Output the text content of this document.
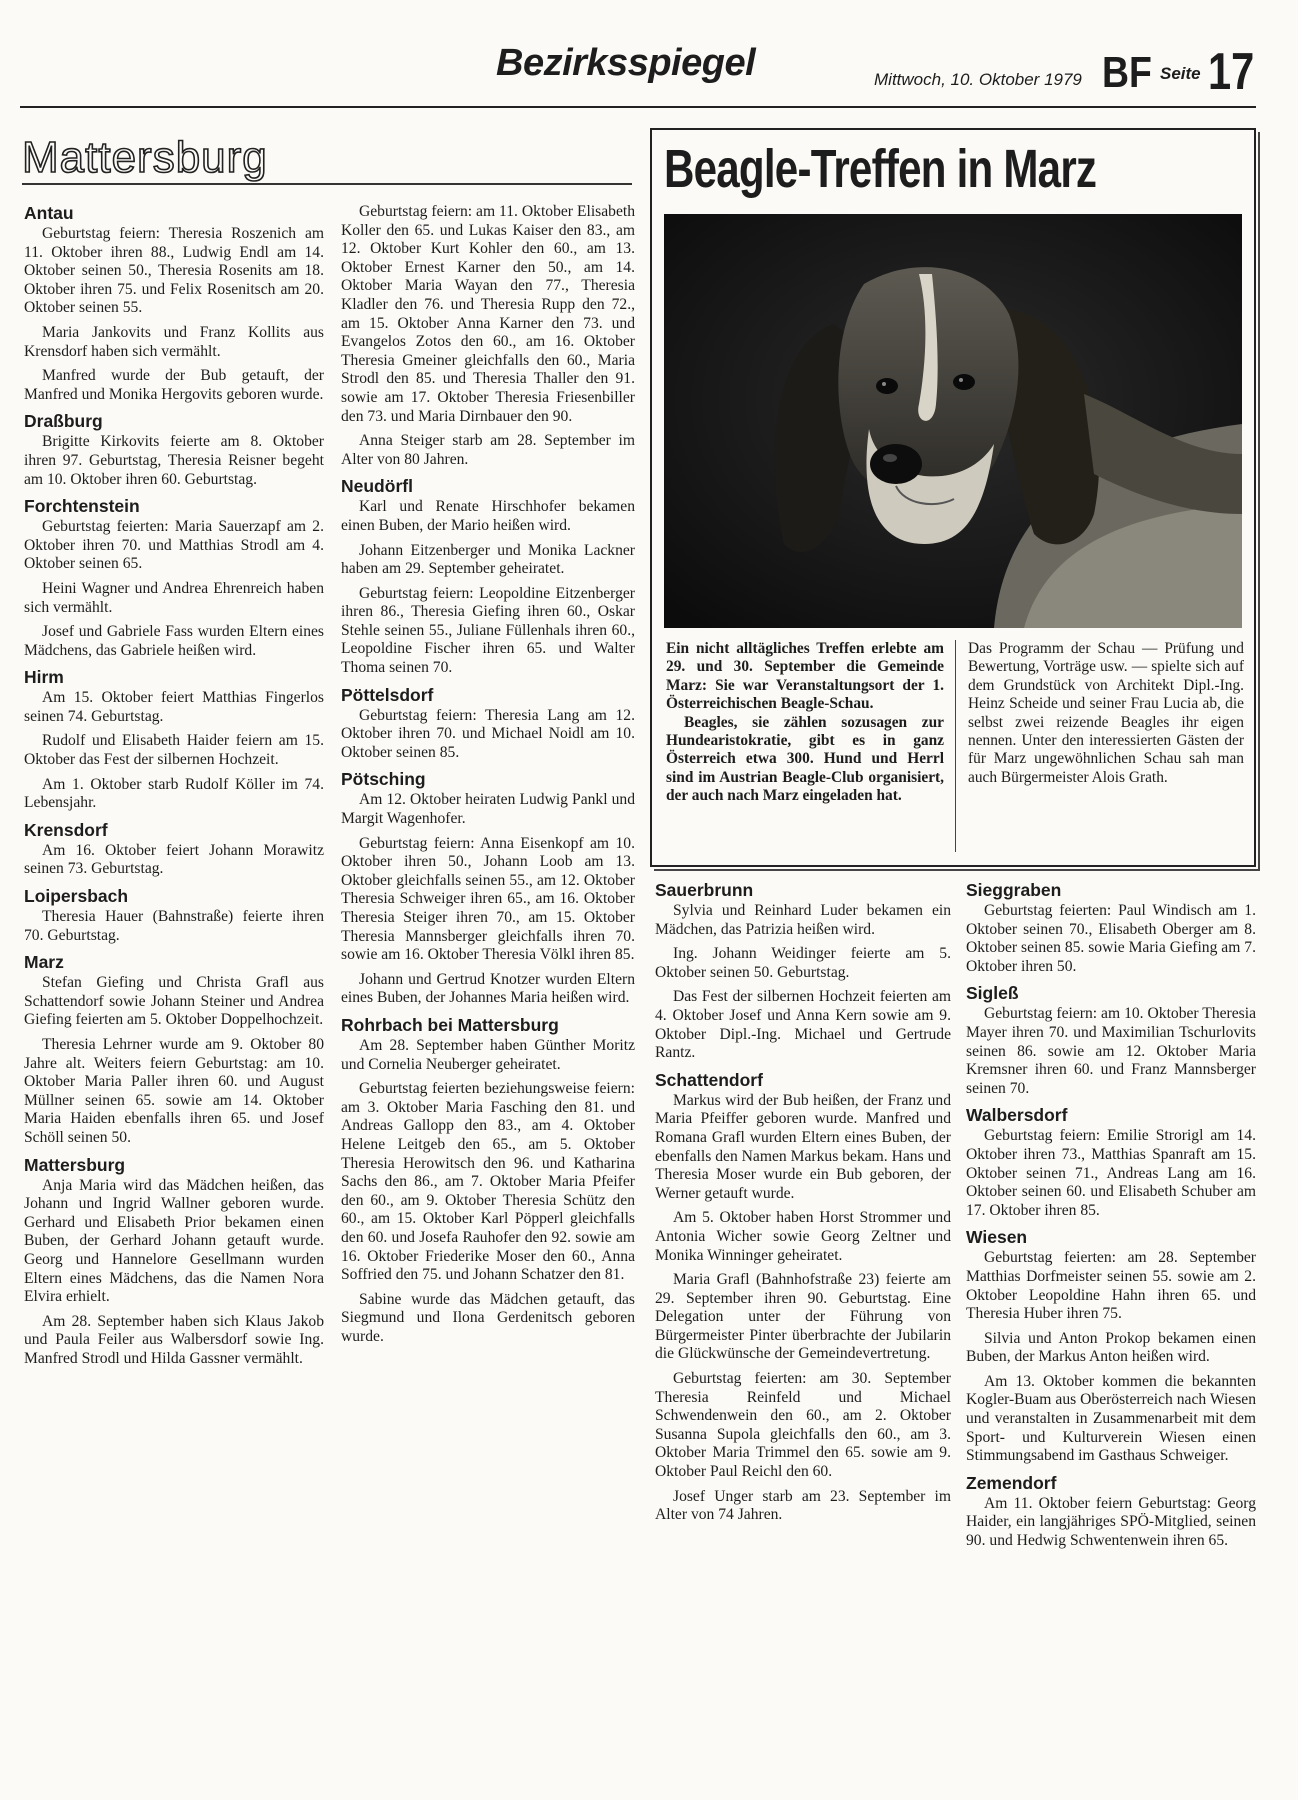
Bezirksspiegel	Mittwoch, 10. Oktober 1979 BF Seite 17
Mattersburg
Antau

Geburtstag feiern: Theresia Roszenich am 11. Oktober ihren 88., Ludwig Endl am 14. Oktober seinen 50., Theresia Rosenits am 18. Oktober ihren 75. und Felix Rosenitsch am 20. Oktober seinen 55.

Maria Jankovits und Franz Kollits aus Krensdorf haben sich vermählt.

Manfred wurde der Bub getauft, der Manfred und Monika Hergovits geboren wurde.

Draßburg

Brigitte Kirkovits feierte am 8. Oktober ihren 97. Geburtstag, Theresia Reisner begeht am 10. Oktober ihren 60. Geburtstag.

Forchtenstein

Geburtstag feierten: Maria Sauerzapf am 2. Oktober ihren 70. und Matthias Strodl am 4. Oktober seinen 65.

Heini Wagner und Andrea Ehrenreich haben sich vermählt.

Josef und Gabriele Fass wurden Eltern eines Mädchens, das Gabriele heißen wird.

Hirm

Am 15. Oktober feiert Matthias Fingerlos seinen 74. Geburtstag.

Rudolf und Elisabeth Haider feiern am 15. Oktober das Fest der silbernen Hochzeit.

Am 1. Oktober starb Rudolf Köller im 74. Lebensjahr.

Krensdorf

Am 16. Oktober feiert Johann Morawitz seinen 73. Geburtstag.

Loipersbach

Theresia Hauer (Bahnstraße) feierte ihren 70. Geburtstag.

Marz

Stefan Giefing und Christa Grafl aus Schattendorf sowie Johann Steiner und Andrea Giefing feierten am 5. Oktober Doppelhochzeit.

Theresia Lehrner wurde am 9. Oktober 80 Jahre alt. Weiters feiern Geburtstag: am 10. Oktober Maria Paller ihren 60. und August Müllner seinen 65. sowie am 14. Oktober Maria Haiden ebenfalls ihren 65. und Josef Schöll seinen 50.

Mattersburg

Anja Maria wird das Mädchen heißen, das Johann und Ingrid Wallner geboren wurde. Gerhard und Elisabeth Prior bekamen einen Buben, der Gerhard Johann getauft wurde. Georg und Hannelore Gesellmann wurden Eltern eines Mädchens, das die Namen Nora Elvira erhielt.

Am 28. September haben sich Klaus Jakob und Paula Feiler aus Walbersdorf sowie Ing. Manfred Strodl und Hilda Gassner vermählt.

Geburtstag feiern: am 11. Oktober Elisabeth Koller den 65. und Lukas Kaiser den 83., am 12. Oktober Kurt Kohler den 60., am 13. Oktober Ernest Karner den 50., am 14. Oktober Maria Wayan den 77., Theresia Kladler den 76. und Theresia Rupp den 72., am 15. Oktober Anna Karner den 73. und Evangelos Zotos den 60., am 16. Oktober Theresia Gmeiner gleichfalls den 60., Maria Strodl den 85. und Theresia Thaller den 91. sowie am 17. Oktober Theresia Friesenbiller den 73. und Maria Dirnbauer den 90.

Anna Steiger starb am 28. September im Alter von 80 Jahren.

Neudörfl

Karl und Renate Hirschhofer bekamen einen Buben, der Mario heißen wird.

Johann Eitzenberger und Monika Lackner haben am 29. September geheiratet.

Geburtstag feiern: Leopoldine Eitzenberger ihren 86., Theresia Giefing ihren 60., Oskar Stehle seinen 55., Juliane Füllenhals ihren 60., Leopoldine Fischer ihren 65. und Walter Thoma seinen 70.

Pöttelsdorf

Geburtstag feiern: Theresia Lang am 12. Oktober ihren 70. und Michael Noidl am 10. Oktober seinen 85.

Pötsching

Am 12. Oktober heiraten Ludwig Pankl und Margit Wagenhofer.

Geburtstag feiern: Anna Eisenkopf am 10. Oktober ihren 50., Johann Loob am 13. Oktober gleichfalls seinen 55., am 12. Oktober Theresia Schweiger ihren 65., am 16. Oktober Theresia Steiger ihren 70., am 15. Oktober Theresia Mannsberger gleichfalls ihren 70. sowie am 16. Oktober Theresia Völkl ihren 85.

Johann und Gertrud Knotzer wurden Eltern eines Buben, der Johannes Maria heißen wird.

Rohrbach bei Mattersburg

Am 28. September haben Günther Moritz und Cornelia Neuberger geheiratet.

Geburtstag feierten beziehungsweise feiern: am 3. Oktober Maria Fasching den 81. und Andreas Gallopp den 83., am 4. Oktober Helene Leitgeb den 65., am 5. Oktober Theresia Herowitsch den 96. und Katharina Sachs den 86., am 7. Oktober Maria Pfeifer den 60., am 9. Oktober Theresia Schütz den 60., am 15. Oktober Karl Pöpperl gleichfalls den 60. und Josefa Rauhofer den 92. sowie am 16. Oktober Friederike Moser den 60., Anna Soffried den 75. und Johann Schatzer den 81.

Sabine wurde das Mädchen getauft, das Siegmund und Ilona Gerdenitsch geboren wurde.

Beagle-Treffen in Marz
Ein nicht alltägliches Treffen erlebte am 29. und 30. September die Gemeinde Marz: Sie war Veranstaltungsort der 1. Österreichischen Beagle-Schau.
Beagles, sie zählen sozusagen zur Hundearistokratie, gibt es in ganz Österreich etwa 300. Hund und Herrl sind im Austrian Beagle-Club organisiert, der auch nach Marz eingeladen hat.
Das Programm der Schau — Prüfung und Bewertung, Vorträge usw. — spielte sich auf dem Grundstück von Architekt Dipl.-Ing. Heinz Scheide und seiner Frau Lucia ab, die selbst zwei reizende Beagles ihr eigen nennen. Unter den interessierten Gästen der für Marz ungewöhnlichen Schau sah man auch Bürgermeister Alois Grath.
Sauerbrunn

Sylvia und Reinhard Luder bekamen ein Mädchen, das Patrizia heißen wird.

Ing. Johann Weidinger feierte am 5. Oktober seinen 50. Geburtstag.

Das Fest der silbernen Hochzeit feierten am 4. Oktober Josef und Anna Kern sowie am 9. Oktober Dipl.-Ing. Michael und Gertrude Rantz.

Schattendorf

Markus wird der Bub heißen, der Franz und Maria Pfeiffer geboren wurde. Manfred und Romana Grafl wurden Eltern eines Buben, der ebenfalls den Namen Markus bekam. Hans und Theresia Moser wurde ein Bub geboren, der Werner getauft wurde.

Am 5. Oktober haben Horst Strommer und Antonia Wicher sowie Georg Zeltner und Monika Winninger geheiratet.

Maria Grafl (Bahnhofstraße 23) feierte am 29. September ihren 90. Geburtstag. Eine Delegation unter der Führung von Bürgermeister Pinter überbrachte der Jubilarin die Glückwünsche der Gemeindevertretung.

Geburtstag feierten: am 30. September Theresia Reinfeld und Michael Schwendenwein den 60., am 2. Oktober Susanna Supola gleichfalls den 60., am 3. Oktober Maria Trimmel den 65. sowie am 9. Oktober Paul Reichl den 60.

Josef Unger starb am 23. September im Alter von 74 Jahren.

Sieggraben

Geburtstag feierten: Paul Windisch am 1. Oktober seinen 70., Elisabeth Oberger am 8. Oktober seinen 85. sowie Maria Giefing am 7. Oktober ihren 50.

Sigleß

Geburtstag feiern: am 10. Oktober Theresia Mayer ihren 70. und Maximilian Tschurlovits seinen 86. sowie am 12. Oktober Maria Kremsner ihren 60. und Franz Mannsberger seinen 70.

Walbersdorf

Geburtstag feiern: Emilie Strorigl am 14. Oktober ihren 73., Matthias Spanraft am 15. Oktober seinen 71., Andreas Lang am 16. Oktober seinen 60. und Elisabeth Schuber am 17. Oktober ihren 85.

Wiesen

Geburtstag feierten: am 28. September Matthias Dorfmeister seinen 55. sowie am 2. Oktober Leopoldine Hahn ihren 65. und Theresia Huber ihren 75.

Silvia und Anton Prokop bekamen einen Buben, der Markus Anton heißen wird.

Am 13. Oktober kommen die bekannten Kogler-Buam aus Oberösterreich nach Wiesen und veranstalten in Zusammenarbeit mit dem Sport- und Kulturverein Wiesen einen Stimmungsabend im Gasthaus Schweiger.

Zemendorf

Am 11. Oktober feiern Geburtstag: Georg Haider, ein langjähriges SPÖ-Mitglied, seinen 90. und Hedwig Schwentenwein ihren 65.
